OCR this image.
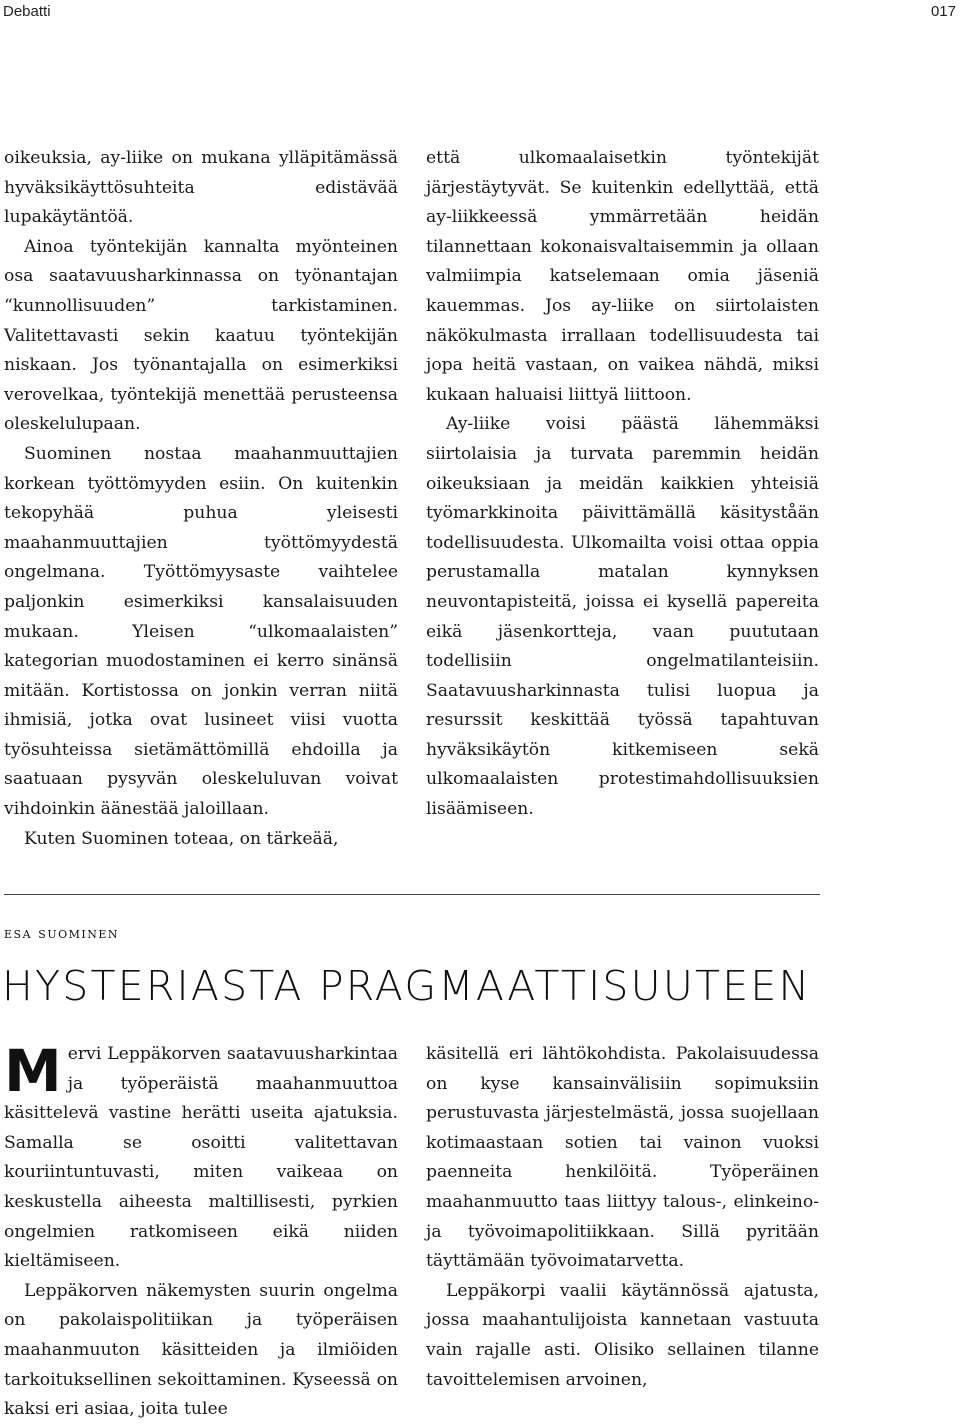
Debatti	017

oikeuksia, ay-liike on mukana ylläpitämässä hyväksikäyttösuhteita edistävää lupakäytäntöä.

Ainoa työntekijän kannalta myönteinen osa saatavuusharkinnassa on työnantajan “kunnollisuuden” tarkistaminen. Valitettavasti sekin kaatuu työntekijän niskaan. Jos työnantajalla on esimerkiksi verovelkaa, työntekijä menettää perusteensa oleskelulupaan.

Suominen nostaa maahanmuuttajien korkean työttömyyden esiin. On kuitenkin tekopyhää puhua yleisesti maahanmuuttajien työttömyydestä ongelmana. Työttömyysaste vaihtelee paljonkin esimerkiksi kansalaisuuden mukaan. Yleisen “ulkomaalaisten” kategorian muodostaminen ei kerro sinänsä mitään. Kortistossa on jonkin verran niitä ihmisiä, jotka ovat lusineet viisi vuotta työsuhteissa sietämättömillä ehdoilla ja saatuaan pysyvän oleskeluluvan voivat vihdoinkin äänestää jaloillaan.

Kuten Suominen toteaa, on tärkeää,

että ulkomaalaisetkin työntekijät järjestäytyvät. Se kuitenkin edellyttää, että ay-liikkeessä ymmärretään heidän tilannettaan kokonaisvaltaisemmin ja ollaan valmiimpia katselemaan omia jäseniä kauemmas. Jos ay-liike on siirtolaisten näkökulmasta irrallaan todellisuudesta tai jopa heitä vastaan, on vaikea nähdä, miksi kukaan haluaisi liittyä liittoon.

Ay-liike voisi päästä lähemmäksi siirtolaisia ja turvata paremmin heidän oikeuksiaan ja meidän kaikkien yhteisiä työmarkkinoita päivittämällä käsityståän todellisuudesta. Ulkomailta voisi ottaa oppia perustamalla matalan kynnyksen neuvontapisteitä, joissa ei kysellä papereita eikä jäsenkortteja, vaan puututaan todellisiin ongelmatilanteisiin. Saatavuusharkinnasta tulisi luopua ja resurssit keskittää työssä tapahtuvan hyväksikäytön kitkemiseen sekä ulkomaalaisten protestimahdollisuuksien lisäämiseen.

esa suominen
HYSTERIASTA PRAGMAATTISUUTEEN

Mervi Leppäkorven saatavuusharkintaa ja työperäistä maahanmuuttoa käsittelevä vastine herätti useita ajatuksia. Samalla se osoitti valitettavan kouriintuntuvasti, miten vaikeaa on keskustella aiheesta maltillisesti, pyrkien ongelmien ratkomiseen eikä niiden kieltämiseen.

Leppäkorven näkemysten suurin ongelma on pakolaispolitiikan ja työperäisen maahanmuuton käsitteiden ja ilmiöiden tarkoituksellinen sekoittaminen. Kyseessä on kaksi eri asiaa, joita tulee

käsitellä eri lähtökohdista. Pakolaisuudessa on kyse kansainvälisiin sopimuksiin perustuvasta järjestelmästä, jossa suojellaan kotimaastaan sotien tai vainon vuoksi paenneita henkilöitä. Työperäinen maahanmuutto taas liittyy talous-, elinkeino- ja työvoimapolitiikkaan. Sillä pyritään täyttämään työvoimatarvetta.

Leppäkorpi vaalii käytännössä ajatusta, jossa maahantulijoista kannetaan vastuuta vain rajalle asti. Olisiko sellainen tilanne tavoittelemisen arvoinen,
